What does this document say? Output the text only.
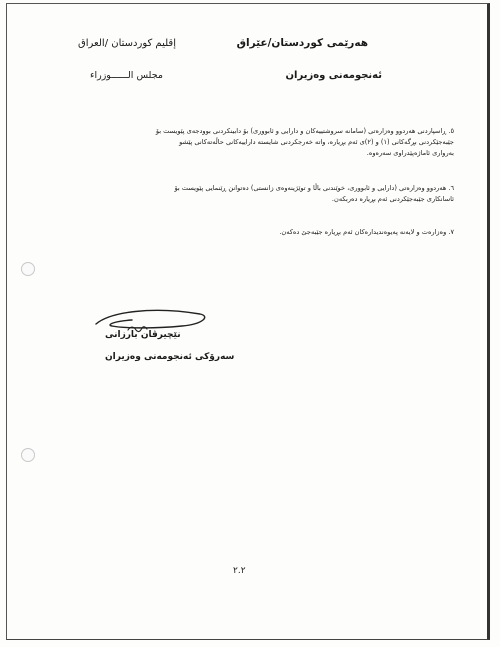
هەرێمی کوردستان/عێراق
ئەنجومەنی وەزیران
إقليم كوردستان /العراق
مجلس الــــــوزراء
٥. ڕاسپاردنی هەردوو وەزارەتی (سامانە سروشتییەکان و دارایی و ئابووری) بۆ دابینکردنی بوودجەی پێویست بۆ
جێبەجێکردنی بڕگەکانی (١) و (٢)ی ئەم بڕیارە، واتە خەرجکردنی شایستە داراییەکانی حاڵەتەکانی پێشو
بەرواری ئاماژەپێدراوی سەرەوە.
٦. هەردوو وەزارەتی (دارایی و ئابووری، خوێندنی باڵا و توێژینەوەی زانستی) دەتوانن ڕێنمایی پێویست بۆ
ئاسانکاری جێبەجێکردنی ئەم بڕیارە دەربکەن.
٧. وەزارەت و لایەنە پەیوەندیدارەکان ئەم بڕیارە جێبەجێ دەکەن.
نێچیرڤان بارزانی
سەرۆکی ئەنجومەنی وەزیران
٢.٢
